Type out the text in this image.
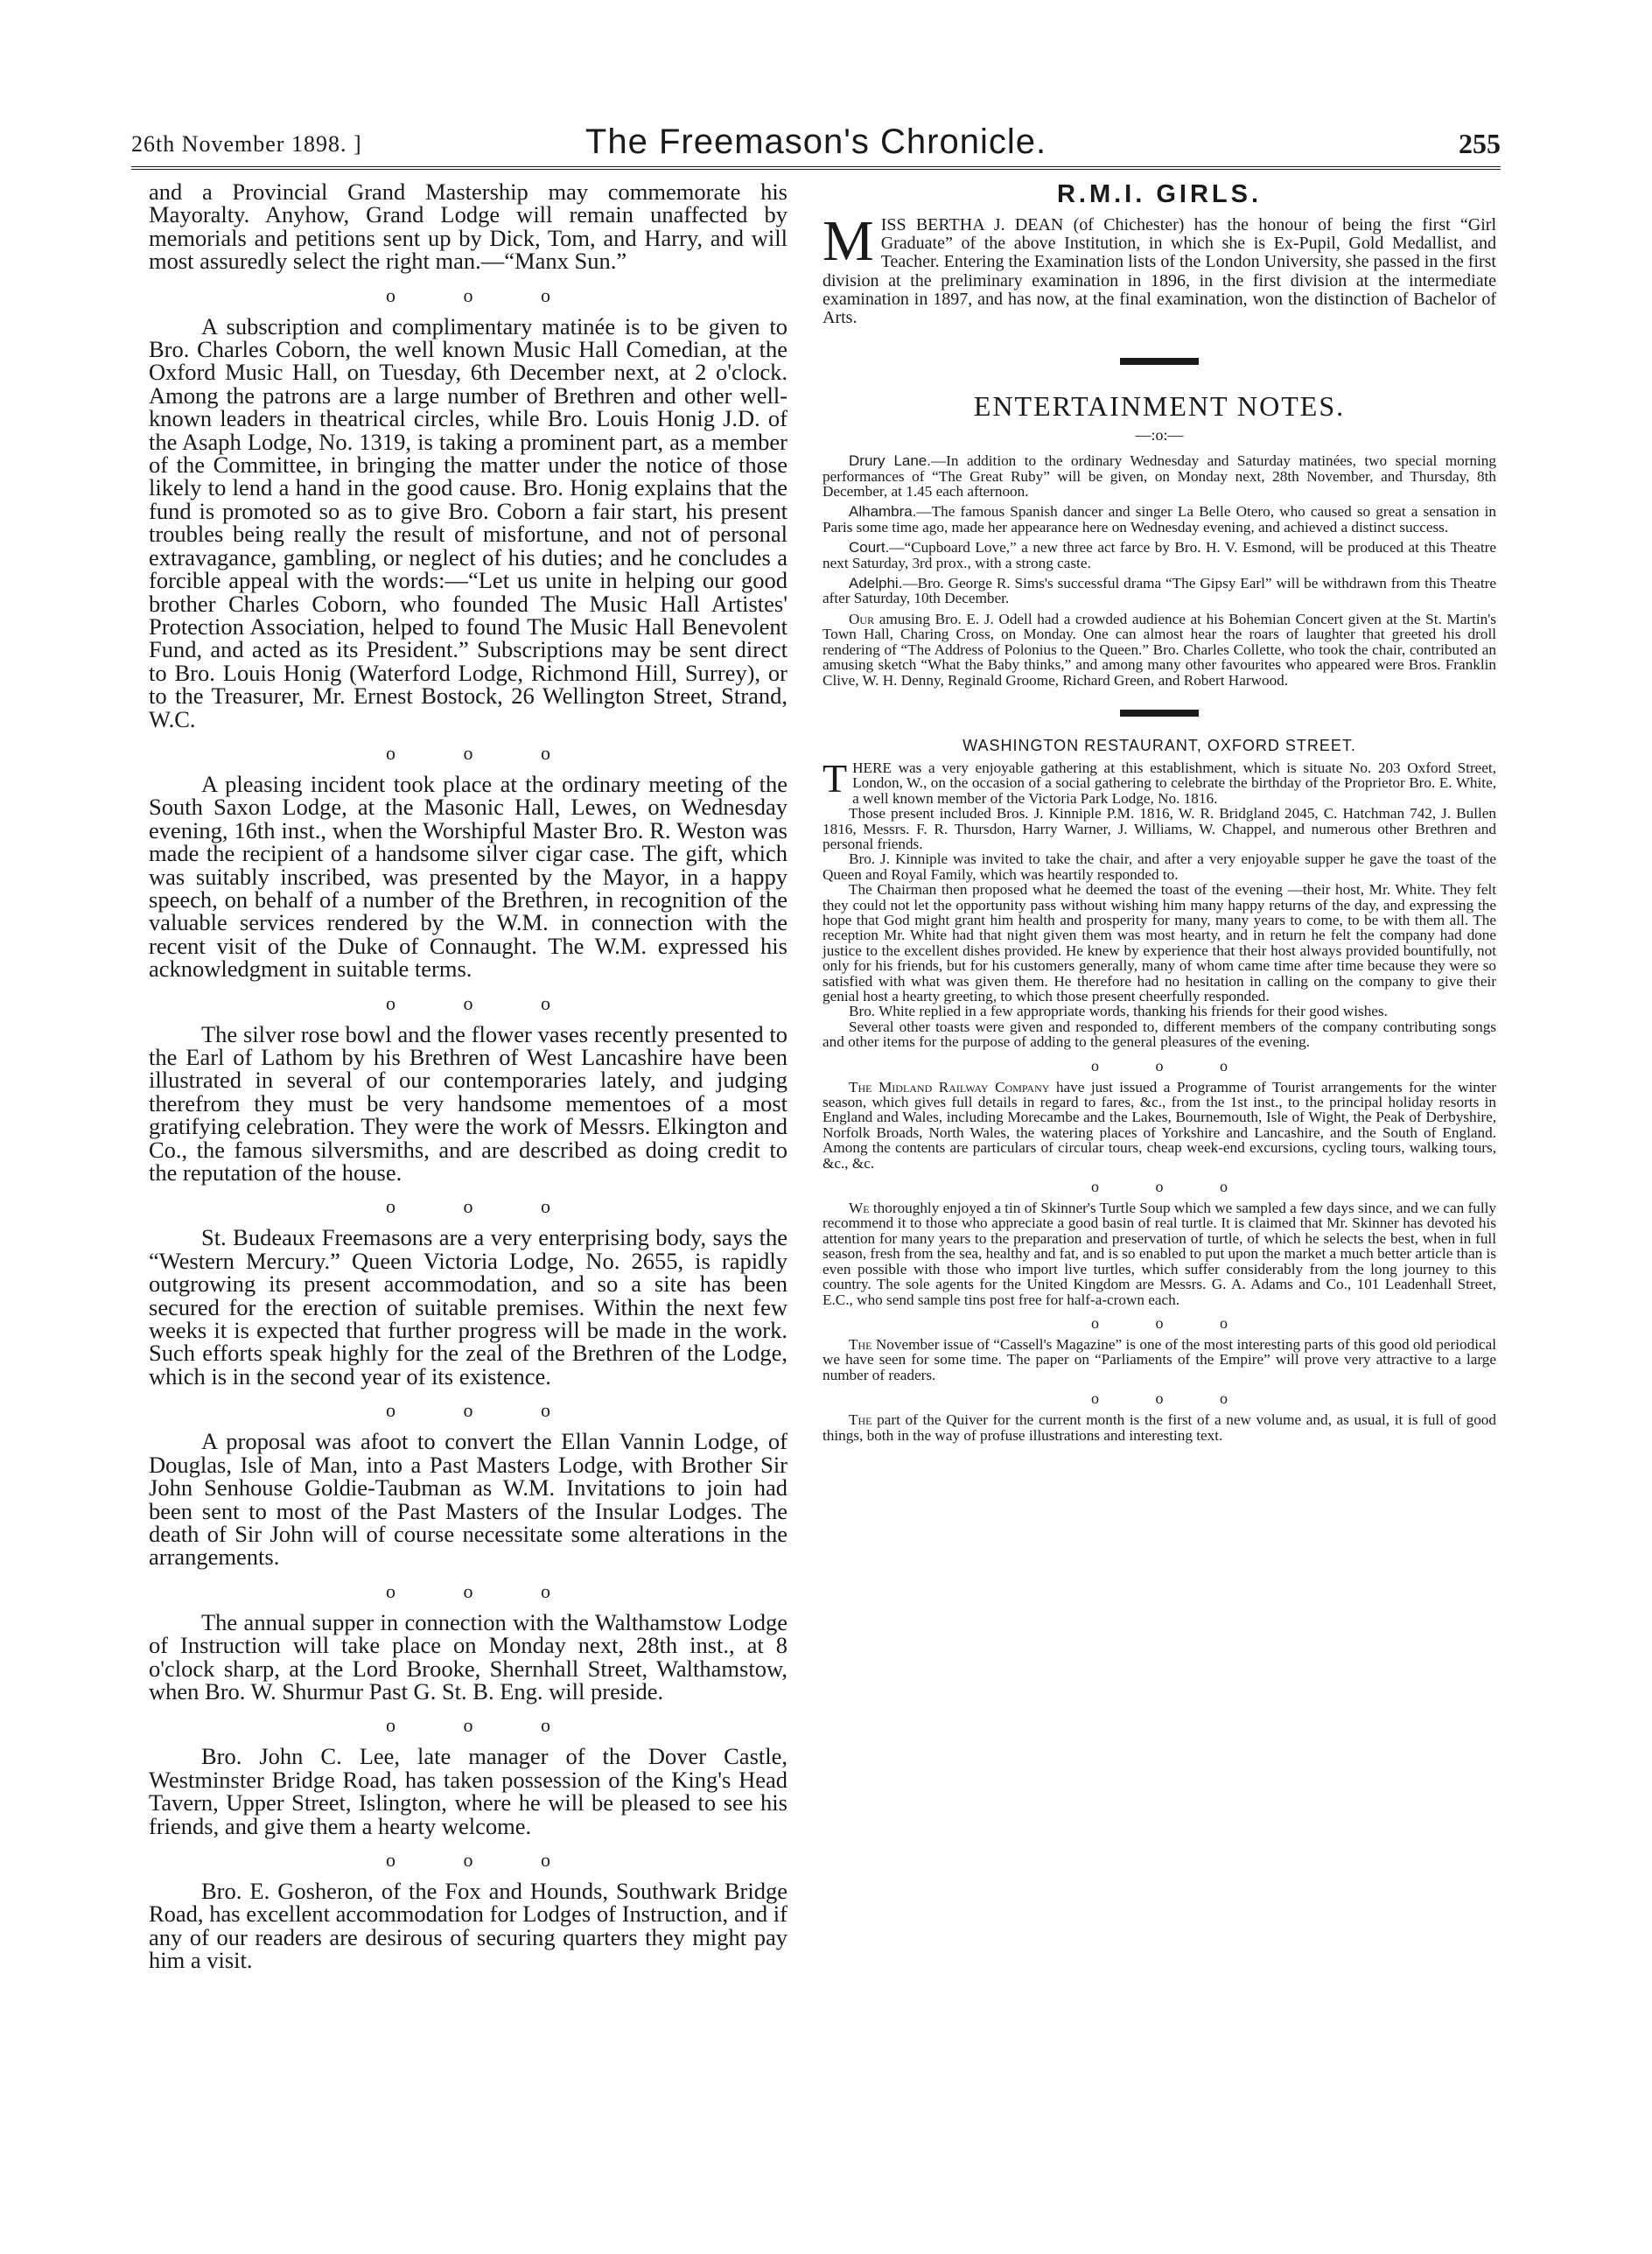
26th November 1898. ]	The Freemason's Chronicle.	255

and a Provincial Grand Mastership may commemorate his Mayoralty. Anyhow, Grand Lodge will remain unaffected by memorials and petitions sent up by Dick, Tom, and Harry, and will most assuredly select the right man.—“Manx Sun.”

o o o

A subscription and complimentary matinée is to be given to Bro. Charles Coborn, the well known Music Hall Comedian, at the Oxford Music Hall, on Tuesday, 6th December next, at 2 o'clock. Among the patrons are a large number of Brethren and other well-known leaders in theatrical circles, while Bro. Louis Honig J.D. of the Asaph Lodge, No. 1319, is taking a prominent part, as a member of the Committee, in bringing the matter under the notice of those likely to lend a hand in the good cause. Bro. Honig explains that the fund is promoted so as to give Bro. Coborn a fair start, his present troubles being really the result of misfortune, and not of personal extravagance, gambling, or neglect of his duties; and he concludes a forcible appeal with the words:—“Let us unite in helping our good brother Charles Coborn, who founded The Music Hall Artistes' Protection Association, helped to found The Music Hall Benevolent Fund, and acted as its President.” Subscriptions may be sent direct to Bro. Louis Honig (Waterford Lodge, Richmond Hill, Surrey), or to the Treasurer, Mr. Ernest Bostock, 26 Wellington Street, Strand, W.C.

o o o

A pleasing incident took place at the ordinary meeting of the South Saxon Lodge, at the Masonic Hall, Lewes, on Wednesday evening, 16th inst., when the Worshipful Master Bro. R. Weston was made the recipient of a handsome silver cigar case. The gift, which was suitably inscribed, was presented by the Mayor, in a happy speech, on behalf of a number of the Brethren, in recognition of the valuable services rendered by the W.M. in connection with the recent visit of the Duke of Connaught. The W.M. expressed his acknowledgment in suitable terms.

o o o

The silver rose bowl and the flower vases recently presented to the Earl of Lathom by his Brethren of West Lancashire have been illustrated in several of our contemporaries lately, and judging therefrom they must be very handsome mementoes of a most gratifying celebration. They were the work of Messrs. Elkington and Co., the famous silversmiths, and are described as doing credit to the reputation of the house.

o o o

St. Budeaux Freemasons are a very enterprising body, says the “Western Mercury.” Queen Victoria Lodge, No. 2655, is rapidly outgrowing its present accommodation, and so a site has been secured for the erection of suitable premises. Within the next few weeks it is expected that further progress will be made in the work. Such efforts speak highly for the zeal of the Brethren of the Lodge, which is in the second year of its existence.

o o o

A proposal was afoot to convert the Ellan Vannin Lodge, of Douglas, Isle of Man, into a Past Masters Lodge, with Brother Sir John Senhouse Goldie-Taubman as W.M. Invitations to join had been sent to most of the Past Masters of the Insular Lodges. The death of Sir John will of course necessitate some alterations in the arrangements.

o o o

The annual supper in connection with the Walthamstow Lodge of Instruction will take place on Monday next, 28th inst., at 8 o'clock sharp, at the Lord Brooke, Shernhall Street, Walthamstow, when Bro. W. Shurmur Past G. St. B. Eng. will preside.

o o o

Bro. John C. Lee, late manager of the Dover Castle, Westminster Bridge Road, has taken possession of the King's Head Tavern, Upper Street, Islington, where he will be pleased to see his friends, and give them a hearty welcome.

o o o

Bro. E. Gosheron, of the Fox and Hounds, Southwark Bridge Road, has excellent accommodation for Lodges of Instruction, and if any of our readers are desirous of securing quarters they might pay him a visit.

R.M.I. GIRLS.

MISS BERTHA J. DEAN (of Chichester) has the honour of being the first “Girl Graduate” of the above Institution, in which she is Ex-Pupil, Gold Medallist, and Teacher. Entering the Examination lists of the London University, she passed in the first division at the preliminary examination in 1896, in the first division at the intermediate examination in 1897, and has now, at the final examination, won the distinction of Bachelor of Arts.

ENTERTAINMENT NOTES.
—:o:—

Drury Lane.—In addition to the ordinary Wednesday and Saturday matinées, two special morning performances of “The Great Ruby” will be given, on Monday next, 28th November, and Thursday, 8th December, at 1.45 each afternoon.

Alhambra.—The famous Spanish dancer and singer La Belle Otero, who caused so great a sensation in Paris some time ago, made her appearance here on Wednesday evening, and achieved a distinct success.

Court.—“Cupboard Love,” a new three act farce by Bro. H. V. Esmond, will be produced at this Theatre next Saturday, 3rd prox., with a strong caste.

Adelphi.—Bro. George R. Sims's successful drama “The Gipsy Earl” will be withdrawn from this Theatre after Saturday, 10th December.

Our amusing Bro. E. J. Odell had a crowded audience at his Bohemian Concert given at the St. Martin's Town Hall, Charing Cross, on Monday. One can almost hear the roars of laughter that greeted his droll rendering of “The Address of Polonius to the Queen.” Bro. Charles Collette, who took the chair, contributed an amusing sketch “What the Baby thinks,” and among many other favourites who appeared were Bros. Franklin Clive, W. H. Denny, Reginald Groome, Richard Green, and Robert Harwood.

WASHINGTON RESTAURANT, OXFORD STREET.

THERE was a very enjoyable gathering at this establishment, which is situate No. 203 Oxford Street, London, W., on the occasion of a social gathering to celebrate the birthday of the Proprietor Bro. E. White, a well known member of the Victoria Park Lodge, No. 1816.

Those present included Bros. J. Kinniple P.M. 1816, W. R. Bridgland 2045, C. Hatchman 742, J. Bullen 1816, Messrs. F. R. Thursdon, Harry Warner, J. Williams, W. Chappel, and numerous other Brethren and personal friends.

Bro. J. Kinniple was invited to take the chair, and after a very enjoyable supper he gave the toast of the Queen and Royal Family, which was heartily responded to.

The Chairman then proposed what he deemed the toast of the evening —their host, Mr. White. They felt they could not let the opportunity pass without wishing him many happy returns of the day, and expressing the hope that God might grant him health and prosperity for many, many years to come, to be with them all. The reception Mr. White had that night given them was most hearty, and in return he felt the company had done justice to the excellent dishes provided. He knew by experience that their host always provided bountifully, not only for his friends, but for his customers generally, many of whom came time after time because they were so satisfied with what was given them. He therefore had no hesitation in calling on the company to give their genial host a hearty greeting, to which those present cheerfully responded.

Bro. White replied in a few appropriate words, thanking his friends for their good wishes.

Several other toasts were given and responded to, different members of the company contributing songs and other items for the purpose of adding to the general pleasures of the evening.

o o o

The Midland Railway Company have just issued a Programme of Tourist arrangements for the winter season, which gives full details in regard to fares, &c., from the 1st inst., to the principal holiday resorts in England and Wales, including Morecambe and the Lakes, Bournemouth, Isle of Wight, the Peak of Derbyshire, Norfolk Broads, North Wales, the watering places of Yorkshire and Lancashire, and the South of England. Among the contents are particulars of circular tours, cheap week-end excursions, cycling tours, walking tours, &c., &c.

o o o

We thoroughly enjoyed a tin of Skinner's Turtle Soup which we sampled a few days since, and we can fully recommend it to those who appreciate a good basin of real turtle. It is claimed that Mr. Skinner has devoted his attention for many years to the preparation and preservation of turtle, of which he selects the best, when in full season, fresh from the sea, healthy and fat, and is so enabled to put upon the market a much better article than is even possible with those who import live turtles, which suffer considerably from the long journey to this country. The sole agents for the United Kingdom are Messrs. G. A. Adams and Co., 101 Leadenhall Street, E.C., who send sample tins post free for half-a-crown each.

o o o

The November issue of “Cassell's Magazine” is one of the most interesting parts of this good old periodical we have seen for some time. The paper on “Parliaments of the Empire” will prove very attractive to a large number of readers.

o o o

The part of the Quiver for the current month is the first of a new volume and, as usual, it is full of good things, both in the way of profuse illustrations and interesting text.
